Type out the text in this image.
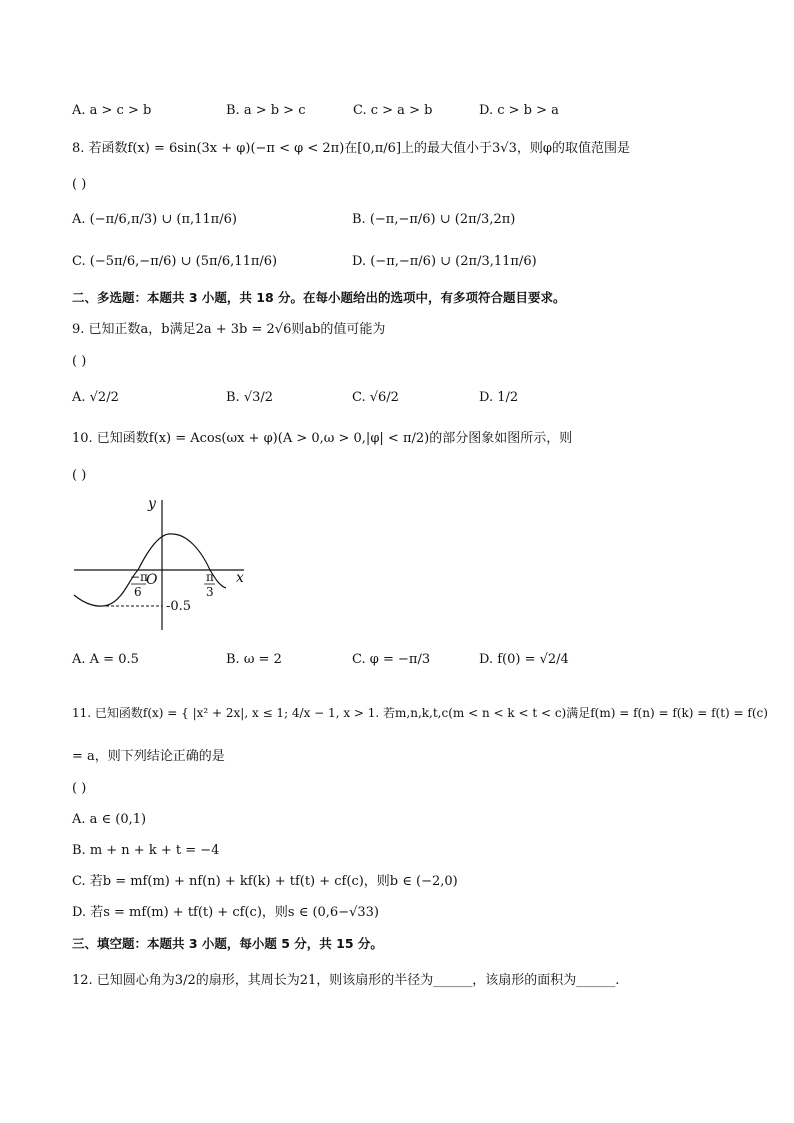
A. a > c > b	B. a > b > c	C. c > a > b	D. c > b > a
8. 若函数f(x) = 6sin(3x + φ)(−π < φ < 2π)在[0,π/6]上的最大值小于3√3，则φ的取值范围是
( )
A. (−π/6,π/3) ∪ (π,11π/6)	B. (−π,−π/6) ∪ (2π/3,2π)
C. (−5π/6,−π/6) ∪ (5π/6,11π/6)	D. (−π,−π/6) ∪ (2π/3,11π/6)
二、多选题：本题共 3 小题，共 18 分。在每小题给出的选项中，有多项符合题目要求。
9. 已知正数a，b满足2a + 3b = 2√6则ab的值可能为
( )
A. √2/2	B. √3/2	C. √6/2	D. 1/2
10. 已知函数f(x) = Acos(ωx + φ)(A > 0,ω > 0,|φ| < π/2)的部分图象如图所示，则
( )
y
x
O
−π
6
π
3
-0.5
A. A = 0.5	B. ω = 2	C. φ = −π/3	D. f(0) = √2/4
11. 已知函数f(x) = { |x² + 2x|, x ≤ 1; 4/x − 1, x > 1. 若m,n,k,t,c(m < n < k < t < c)满足f(m) = f(n) = f(k) = f(t) = f(c)
= a，则下列结论正确的是
( )
A. a ∈ (0,1)
B. m + n + k + t = −4
C. 若b = mf(m) + nf(n) + kf(k) + tf(t) + cf(c)，则b ∈ (−2,0)
D. 若s = mf(m) + tf(t) + cf(c)，则s ∈ (0,6−√33)
三、填空题：本题共 3 小题，每小题 5 分，共 15 分。
12. 已知圆心角为3/2的扇形，其周长为21，则该扇形的半径为______，该扇形的面积为______.
